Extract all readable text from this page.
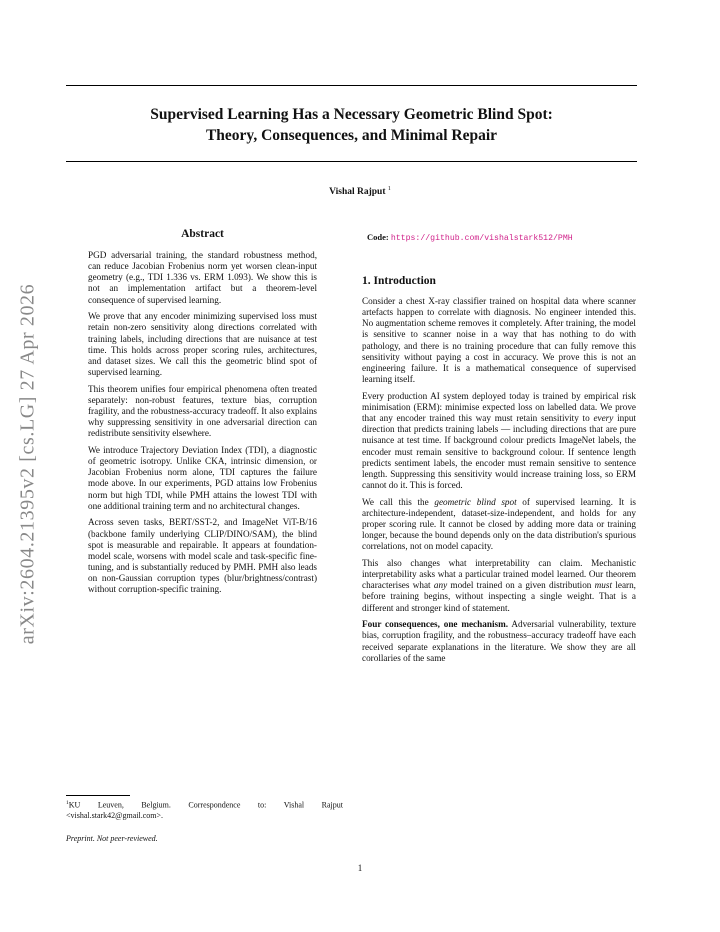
Supervised Learning Has a Necessary Geometric Blind Spot:
Theory, Consequences, and Minimal Repair
Vishal Rajput $^1$
arXiv:2604.21395v2 [cs.LG] 27 Apr 2026
Abstract

PGD adversarial training, the standard robustness method, can reduce Jacobian Frobenius norm yet worsen clean-input geometry (e.g., TDI 1.336 vs. ERM 1.093). We show this is not an implementation artifact but a theorem-level consequence of supervised learning.

We prove that any encoder minimizing supervised loss must retain non-zero sensitivity along directions correlated with training labels, including directions that are nuisance at test time. This holds across proper scoring rules, architectures, and dataset sizes. We call this the geometric blind spot of supervised learning.

This theorem unifies four empirical phenomena often treated separately: non-robust features, texture bias, corruption fragility, and the robustness-accuracy tradeoff. It also explains why suppressing sensitivity in one adversarial direction can redistribute sensitivity elsewhere.

We introduce Trajectory Deviation Index (TDI), a diagnostic of geometric isotropy. Unlike CKA, intrinsic dimension, or Jacobian Frobenius norm alone, TDI captures the failure mode above. In our experiments, PGD attains low Frobenius norm but high TDI, while PMH attains the lowest TDI with one additional training term and no architectural changes.

Across seven tasks, BERT/SST-2, and ImageNet ViT-B/16 (backbone family underlying CLIP/DINO/SAM), the blind spot is measurable and repairable. It appears at foundation-model scale, worsens with model scale and task-specific fine-tuning, and is substantially reduced by PMH. PMH also leads on non-Gaussian corruption types (blur/brightness/contrast) without corruption-specific training.

Code: https://github.com/vishalstark512/PMH
1. Introduction

Consider a chest X-ray classifier trained on hospital data where scanner artefacts happen to correlate with diagnosis. No engineer intended this. No augmentation scheme removes it completely. After training, the model is sensitive to scanner noise in a way that has nothing to do with pathology, and there is no training procedure that can fully remove this sensitivity without paying a cost in accuracy. We prove this is not an engineering failure. It is a mathematical consequence of supervised learning itself.

Every production AI system deployed today is trained by empirical risk minimisation (ERM): minimise expected loss on labelled data. We prove that any encoder trained this way must retain sensitivity to every input direction that predicts training labels — including directions that are pure nuisance at test time. If background colour predicts ImageNet labels, the encoder must remain sensitive to background colour. If sentence length predicts sentiment labels, the encoder must remain sensitive to sentence length. Suppressing this sensitivity would increase training loss, so ERM cannot do it. This is forced.

We call this the geometric blind spot of supervised learning. It is architecture-independent, dataset-size-independent, and holds for any proper scoring rule. It cannot be closed by adding more data or training longer, because the bound depends only on the data distribution's spurious correlations, not on model capacity.

This also changes what interpretability can claim. Mechanistic interpretability asks what a particular trained model learned. Our theorem characterises what any model trained on a given distribution must learn, before training begins, without inspecting a single weight. That is a different and stronger kind of statement.

Four consequences, one mechanism. Adversarial vulnerability, texture bias, corruption fragility, and the robustness–accuracy tradeoff have each received separate explanations in the literature. We show they are all corollaries of the same

$^1$KU Leuven, Belgium. Correspondence to: Vishal Rajput <vishal.stark42@gmail.com>.
Preprint. Not peer-reviewed.
1
